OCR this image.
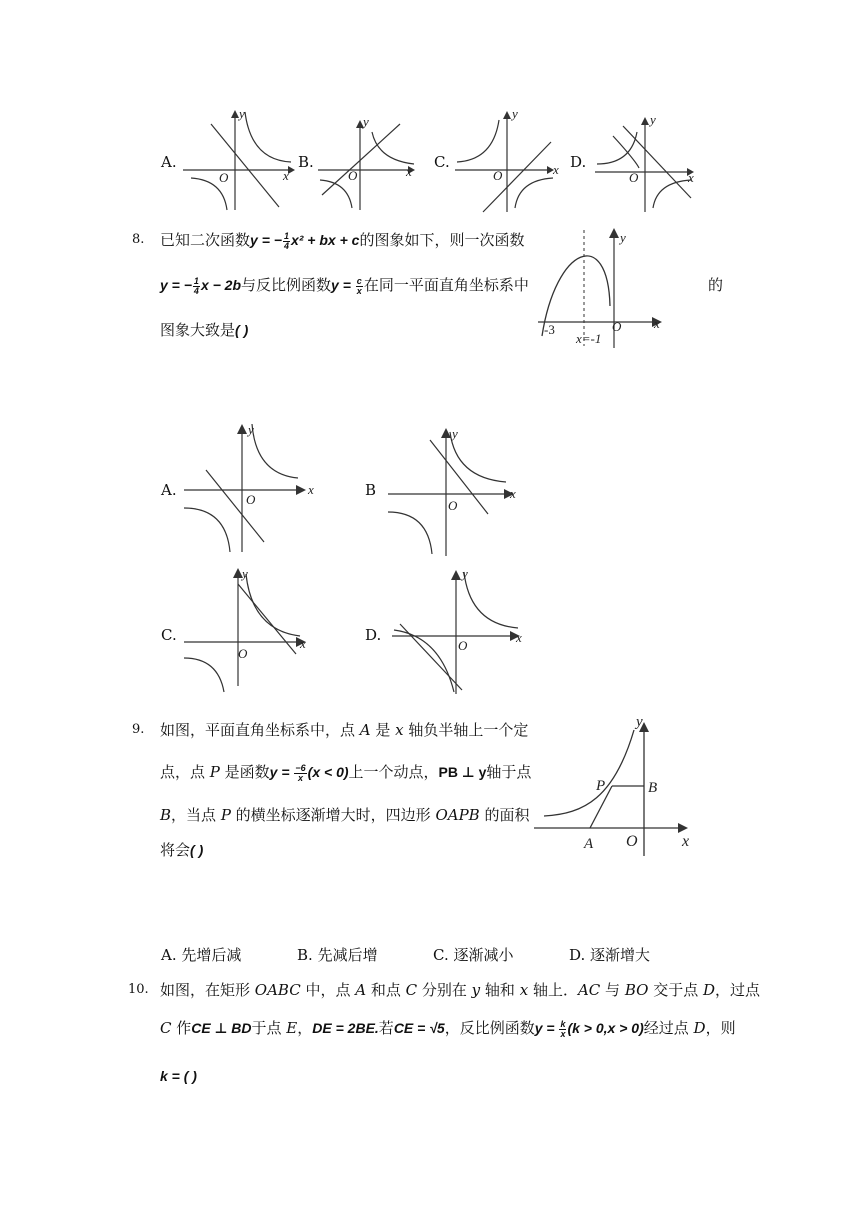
A.
y
x
O
B.
y
x
O
C.
y
x
O
D.
y
x
O
8. 已知二次函数y = − $\frac{1}{4} x^2$ + bx + c的图象如下，则一次函数
y = − $\frac{1}{4}$ x − 2b与反比例函数$y = \frac{c}{x}$ 在同一平面直角坐标系中	的
图象大致是( )
y
x
O
-3
x=-1
A.
y
x
O
B
y
x
O
C.
y
x
O
D.
y
x
O
9. 如图，平面直角坐标系中，点 A 是 x 轴负半轴上一个定
点，点 P 是函数$y = \frac{-6}{x} (x < 0)$上一个动点，PB ⊥ y轴于点
B，当点 P 的横坐标逐渐增大时，四边形 OAPB 的面积
将会( )
y
x
O
A
B
P
A. 先增后减	B. 先减后增	C. 逐渐减小	D. 逐渐增大
10. 如图，在矩形 OABC 中，点 A 和点 C 分别在 y 轴和 x 轴上．AC 与 BO 交于点 D，过点
C 作CE ⊥ BD于点 E，DE = 2BE.若CE = √5，反比例函数$y = \frac{k}{x} (k > 0,x > 0)$经过点 D，则
k = ( )
